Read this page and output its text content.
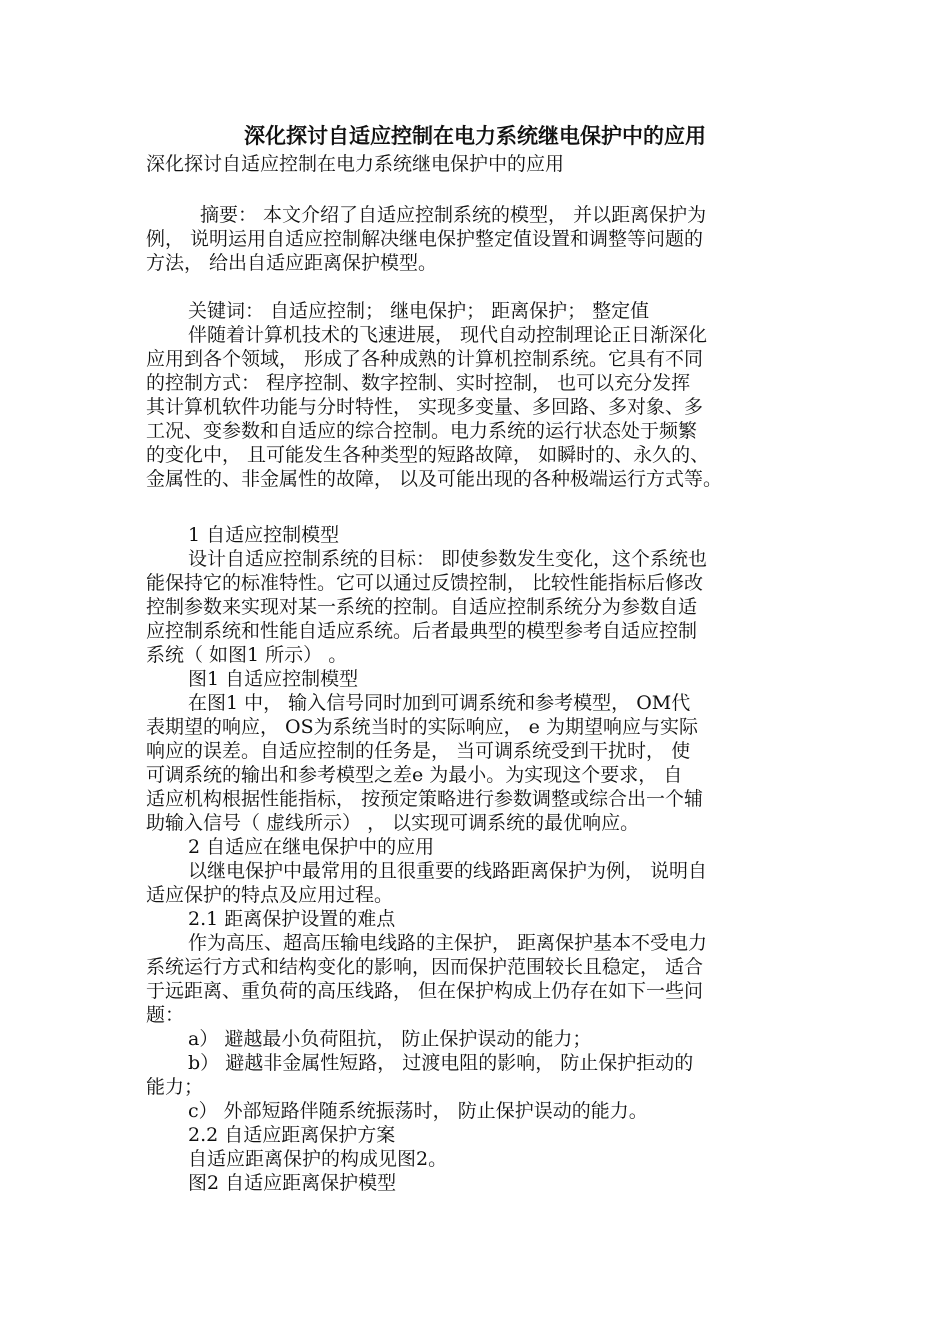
深化探讨自适应控制在电力系统继电保护中的应用
深化探讨自适应控制在电力系统继电保护中的应用
摘要： 本文介绍了自适应控制系统的模型， 并以距离保护为
例， 说明运用自适应控制解决继电保护整定值设置和调整等问题的
方法， 给出自适应距离保护模型。
关键词： 自适应控制； 继电保护； 距离保护； 整定值
伴随着计算机技术的飞速进展， 现代自动控制理论正日渐深化
应用到各个领域， 形成了各种成熟的计算机控制系统。它具有不同
的控制方式： 程序控制、数字控制、实时控制， 也可以充分发挥
其计算机软件功能与分时特性， 实现多变量、多回路、多对象、多
工况、变参数和自适应的综合控制。电力系统的运行状态处于频繁
的变化中， 且可能发生各种类型的短路故障， 如瞬时的、永久的、
金属性的、非金属性的故障， 以及可能出现的各种极端运行方式等。
1 自适应控制模型
设计自适应控制系统的目标： 即使参数发生变化，这个系统也
能保持它的标准特性。它可以通过反馈控制， 比较性能指标后修改
控制参数来实现对某一系统的控制。自适应控制系统分为参数自适
应控制系统和性能自适应系统。后者最典型的模型参考自适应控制
系统（ 如图1 所示） 。
图1 自适应控制模型
在图1 中， 输入信号同时加到可调系统和参考模型， OM代
表期望的响应， OS为系统当时的实际响应， e 为期望响应与实际
响应的误差。自适应控制的任务是， 当可调系统受到干扰时， 使
可调系统的输出和参考模型之差e 为最小。为实现这个要求， 自
适应机构根据性能指标， 按预定策略进行参数调整或综合出一个辅
助输入信号（ 虚线所示） ， 以实现可调系统的最优响应。
2 自适应在继电保护中的应用
以继电保护中最常用的且很重要的线路距离保护为例， 说明自
适应保护的特点及应用过程。
2.1 距离保护设置的难点
作为高压、超高压输电线路的主保护， 距离保护基本不受电力
系统运行方式和结构变化的影响，因而保护范围较长且稳定， 适合
于远距离、重负荷的高压线路， 但在保护构成上仍存在如下一些问
题：
a） 避越最小负荷阻抗， 防止保护误动的能力；
b） 避越非金属性短路， 过渡电阻的影响， 防止保护拒动的
能力；
c） 外部短路伴随系统振荡时， 防止保护误动的能力。
2.2 自适应距离保护方案
自适应距离保护的构成见图2。
图2 自适应距离保护模型
